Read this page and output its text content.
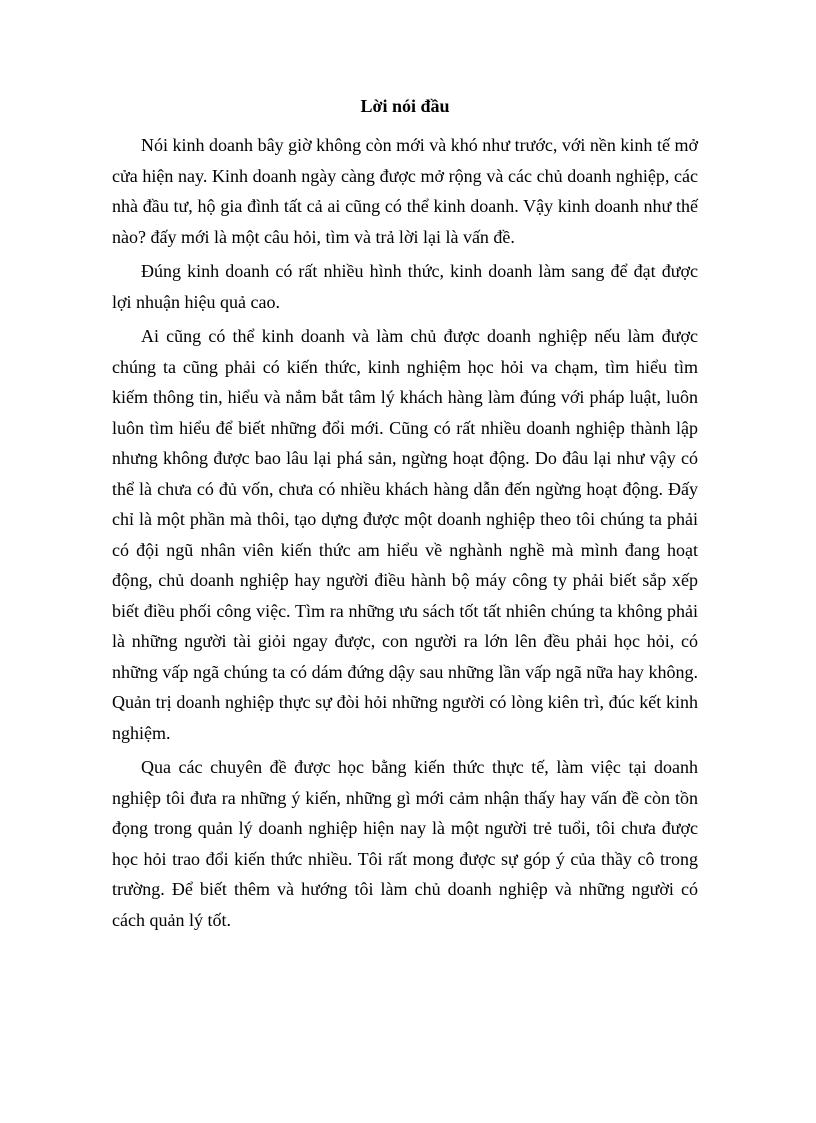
Lời nói đầu

Nói kinh doanh bây giờ không còn mới và khó như trước, với nền kinh tế mở cửa hiện nay. Kinh doanh ngày càng được mở rộng và các chủ doanh nghiệp, các nhà đầu tư, hộ gia đình tất cả ai cũng có thể kinh doanh. Vậy kinh doanh như thế nào? đấy mới là một câu hỏi, tìm và trả lời lại là vấn đề.

Đúng kinh doanh có rất nhiều hình thức, kinh doanh làm sang để đạt được lợi nhuận hiệu quả cao.

Ai cũng có thể kinh doanh và làm chủ được doanh nghiệp nếu làm được chúng ta cũng phải có kiến thức, kinh nghiệm học hỏi va chạm, tìm hiểu tìm kiếm thông tin, hiểu và nắm bắt tâm lý khách hàng làm đúng với pháp luật, luôn luôn tìm hiểu để biết những đổi mới. Cũng có rất nhiều doanh nghiệp thành lập nhưng không được bao lâu lại phá sản, ngừng hoạt động. Do đâu lại như vậy có thể là chưa có đủ vốn, chưa có nhiều khách hàng dẫn đến ngừng hoạt động. Đấy chỉ là một phần mà thôi, tạo dựng được một doanh nghiệp theo tôi chúng ta phải có đội ngũ nhân viên kiến thức am hiểu về nghành nghề mà mình đang hoạt động, chủ doanh nghiệp hay người điều hành bộ máy công ty phải biết sắp xếp biết điều phối công việc. Tìm ra những ưu sách tốt tất nhiên chúng ta không phải là những người tài giỏi ngay được, con người ra lớn lên đều phải học hỏi, có những vấp ngã chúng ta có dám đứng dậy sau những lần vấp ngã nữa hay không. Quản trị doanh nghiệp thực sự đòi hỏi những người có lòng kiên trì, đúc kết kinh nghiệm.

Qua các chuyên đề được học bằng kiến thức thực tế, làm việc tại doanh nghiệp tôi đưa ra những ý kiến, những gì mới cảm nhận thấy hay vấn đề còn tồn đọng trong quản lý doanh nghiệp hiện nay là một người trẻ tuổi, tôi chưa được học hỏi trao đổi kiến thức nhiều. Tôi rất mong được sự góp ý của thầy cô trong trường. Để biết thêm và hướng tôi làm chủ doanh nghiệp và những người có cách quản lý tốt.
